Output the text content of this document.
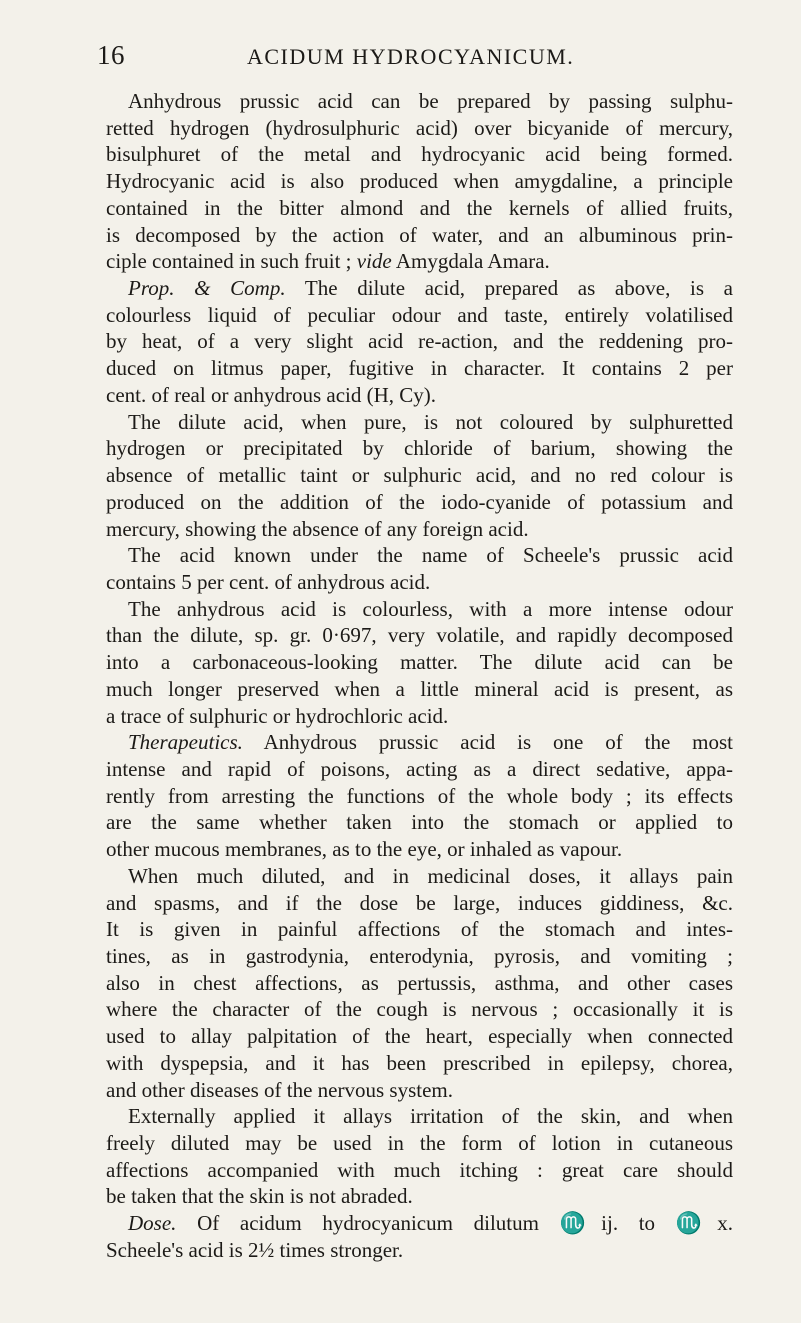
16	ACIDUM HYDROCYANICUM.
Anhydrous prussic acid can be prepared by passing sulphu-
retted hydrogen (hydrosulphuric acid) over bicyanide of mercury,
bisulphuret of the metal and hydrocyanic acid being formed.
Hydrocyanic acid is also produced when amygdaline, a principle
contained in the bitter almond and the kernels of allied fruits,
is decomposed by the action of water, and an albuminous prin-
ciple contained in such fruit ; vide Amygdala Amara.
Prop. & Comp. The dilute acid, prepared as above, is a
colourless liquid of peculiar odour and taste, entirely volatilised
by heat, of a very slight acid re-action, and the reddening pro-
duced on litmus paper, fugitive in character. It contains 2 per
cent. of real or anhydrous acid (H, Cy).
The dilute acid, when pure, is not coloured by sulphuretted
hydrogen or precipitated by chloride of barium, showing the
absence of metallic taint or sulphuric acid, and no red colour is
produced on the addition of the iodo-cyanide of potassium and
mercury, showing the absence of any foreign acid.
The acid known under the name of Scheele's prussic acid
contains 5 per cent. of anhydrous acid.
The anhydrous acid is colourless, with a more intense odour
than the dilute, sp. gr. 0·697, very volatile, and rapidly decomposed
into a carbonaceous-looking matter. The dilute acid can be
much longer preserved when a little mineral acid is present, as
a trace of sulphuric or hydrochloric acid.
Therapeutics. Anhydrous prussic acid is one of the most
intense and rapid of poisons, acting as a direct sedative, appa-
rently from arresting the functions of the whole body ; its effects
are the same whether taken into the stomach or applied to
other mucous membranes, as to the eye, or inhaled as vapour.
When much diluted, and in medicinal doses, it allays pain
and spasms, and if the dose be large, induces giddiness, &c.
It is given in painful affections of the stomach and intes-
tines, as in gastrodynia, enterodynia, pyrosis, and vomiting ;
also in chest affections, as pertussis, asthma, and other cases
where the character of the cough is nervous ; occasionally it is
used to allay palpitation of the heart, especially when connected
with dyspepsia, and it has been prescribed in epilepsy, chorea,
and other diseases of the nervous system.
Externally applied it allays irritation of the skin, and when
freely diluted may be used in the form of lotion in cutaneous
affections accompanied with much itching : great care should
be taken that the skin is not abraded.
Dose. Of acidum hydrocyanicum dilutum ♏ij. to ♏x.
Scheele's acid is 2½ times stronger.
